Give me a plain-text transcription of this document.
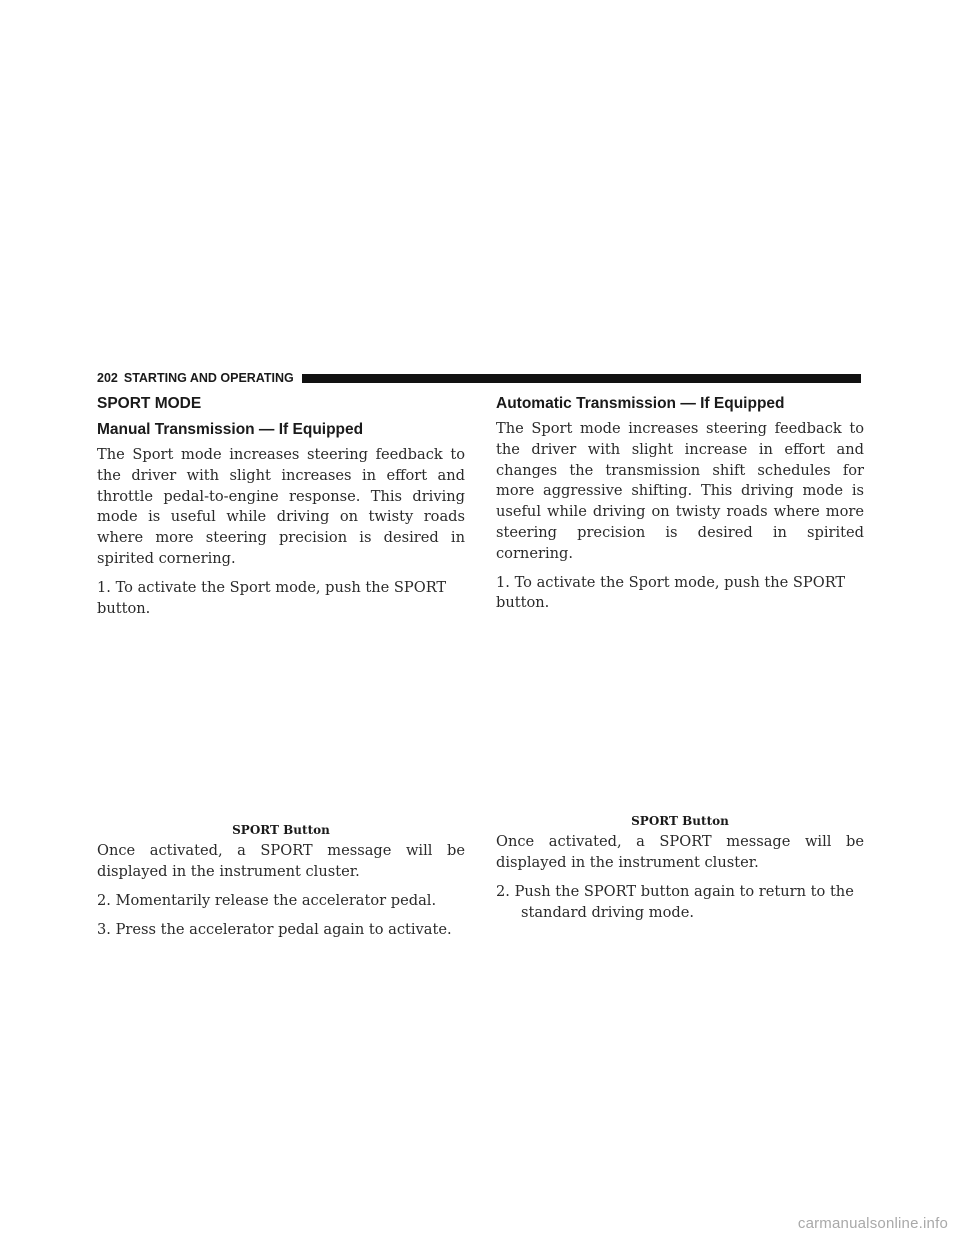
202 STARTING AND OPERATING
SPORT MODE
Manual Transmission — If Equipped

The Sport mode increases steering feedback to the driver with slight increases in effort and throttle pedal-to-engine response. This driving mode is useful while driving on twisty roads where more steering precision is desired in spirited cornering.

1. To activate the Sport mode, push the SPORT button.
SPORT Button

Once activated, a SPORT message will be displayed in the instrument cluster.

2. Momentarily release the accelerator pedal.
3. Press the accelerator pedal again to activate.
Automatic Transmission — If Equipped

The Sport mode increases steering feedback to the driver with slight increase in effort and changes the transmission shift schedules for more aggressive shifting. This driving mode is useful while driving on twisty roads where more steering precision is desired in spirited cornering.

1. To activate the Sport mode, push the SPORT button.
SPORT Button

Once activated, a SPORT message will be displayed in the instrument cluster.

2. Push the SPORT button again to return to the standard driving mode.
carmanualsonline.info
